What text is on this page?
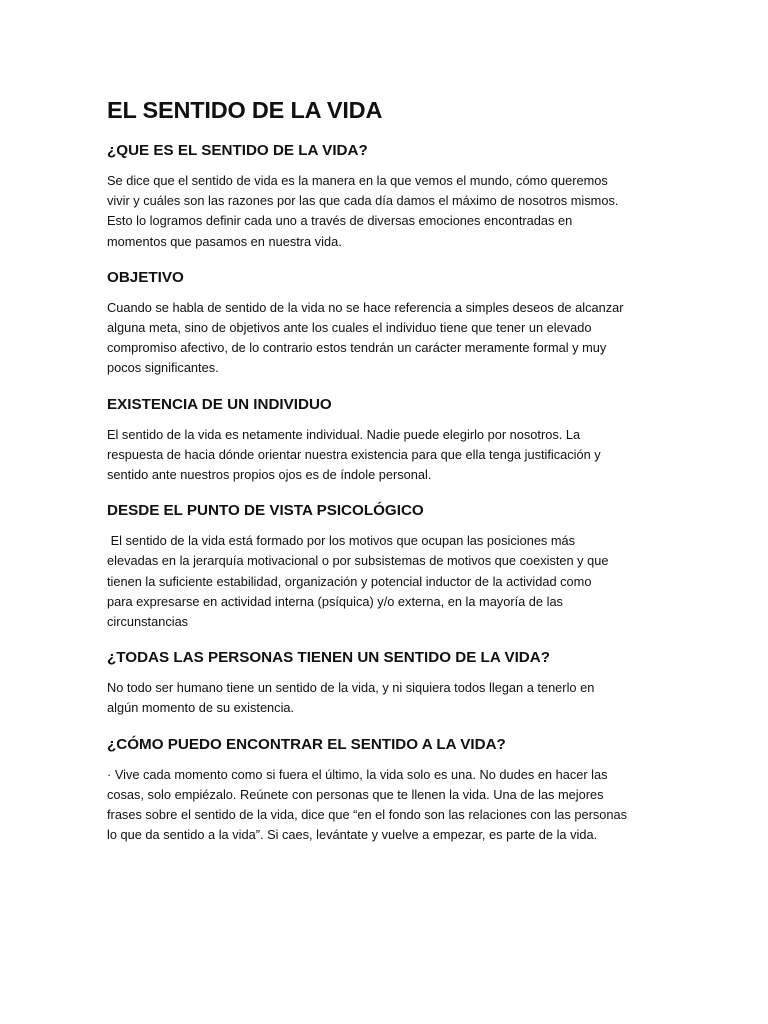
EL SENTIDO DE LA VIDA
¿QUE ES EL SENTIDO DE LA VIDA?

Se dice que el sentido de vida es la manera en la que vemos el mundo, cómo queremos
vivir y cuáles son las razones por las que cada día damos el máximo de nosotros mismos.
Esto lo logramos definir cada uno a través de diversas emociones encontradas en
momentos que pasamos en nuestra vida.

OBJETIVO

Cuando se habla de sentido de la vida no se hace referencia a simples deseos de alcanzar
alguna meta, sino de objetivos ante los cuales el individuo tiene que tener un elevado
compromiso afectivo, de lo contrario estos tendrán un carácter meramente formal y muy
pocos significantes.

EXISTENCIA DE UN INDIVIDUO

El sentido de la vida es netamente individual. Nadie puede elegirlo por nosotros. La
respuesta de hacia dónde orientar nuestra existencia para que ella tenga justificación y
sentido ante nuestros propios ojos es de índole personal.

DESDE EL PUNTO DE VISTA PSICOLÓGICO

El sentido de la vida está formado por los motivos que ocupan las posiciones más
elevadas en la jerarquía motivacional o por subsistemas de motivos que coexisten y que
tienen la suficiente estabilidad, organización y potencial inductor de la actividad como
para expresarse en actividad interna (psíquica) y/o externa, en la mayoría de las
circunstancias

¿TODAS LAS PERSONAS TIENEN UN SENTIDO DE LA VIDA?

No todo ser humano tiene un sentido de la vida, y ni siquiera todos llegan a tenerlo en
algún momento de su existencia.

¿CÓMO PUEDO ENCONTRAR EL SENTIDO A LA VIDA?

· Vive cada momento como si fuera el último, la vida solo es una. No dudes en hacer las
cosas, solo empiézalo. Reúnete con personas que te llenen la vida. Una de las mejores
frases sobre el sentido de la vida, dice que “en el fondo son las relaciones con las personas
lo que da sentido a la vida”. Si caes, levántate y vuelve a empezar, es parte de la vida.
